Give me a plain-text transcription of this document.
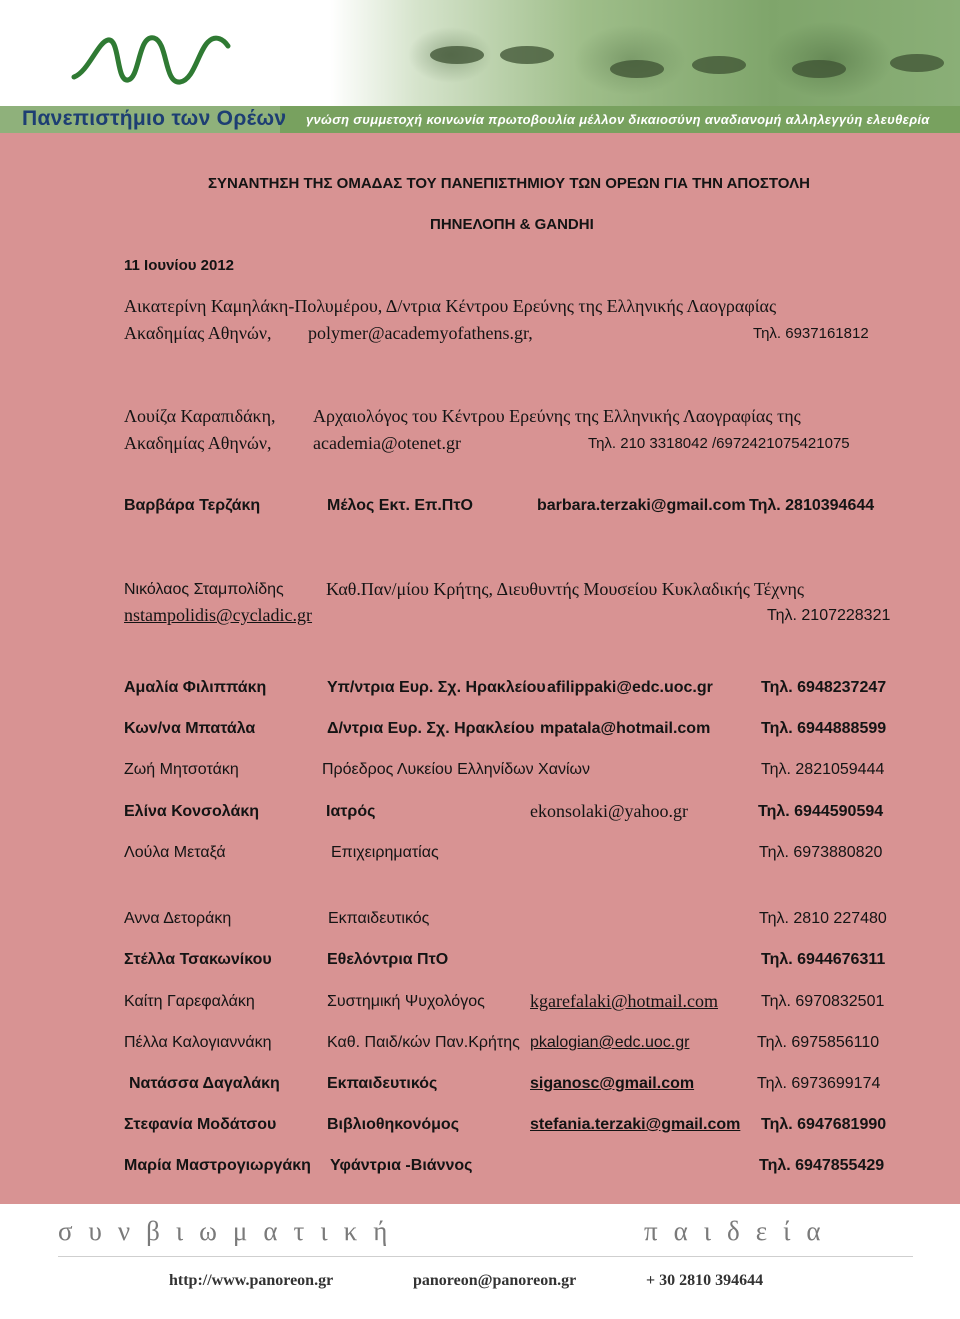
Πανεπιστήμιο των Ορέων γνώση συμμετοχή κοινωνία πρωτοβουλία μέλλον δικαιοσύνη αναδιανομή αλληλεγγύη ελευθερία
ΣΥΝΑΝΤΗΣΗ ΤΗΣ ΟΜΑΔΑΣ ΤΟΥ ΠΑΝΕΠΙΣΤΗΜΙΟΥ ΤΩΝ ΟΡΕΩΝ ΓΙΑ ΤΗΝ ΑΠΟΣΤΟΛΗ
ΠΗΝΕΛΟΠΗ & GANDHI
11 Ιουνίου 2012
Αικατερίνη Καμηλάκη-Πολυμέρου, Δ/ντρια Κέντρου Ερεύνης της Ελληνικής Λαογραφίας
Ακαδημίας Αθηνών, polymer@academyofathens.gr,	Τηλ. 6937161812
Λουίζα Καραπιδάκη, Αρχαιολόγος του Κέντρου Ερεύνης της Ελληνικής Λαογραφίας της
Ακαδημίας Αθηνών, academia@otenet.gr	Τηλ. 210 3318042 /6972421075421075
Βαρβάρα Τερζάκη	Μέλος Εκτ. Επ.ΠτΟ	barbara.terzaki@gmail.com Τηλ. 2810394644
Νικόλαος Σταμπολίδης Καθ.Παν/μίου Κρήτης, Διευθυντής Μουσείου Κυκλαδικής Τέχνης
nstampolidis@cycladic.gr	Τηλ. 2107228321
Αμαλία Φιλιππάκη	Υπ/ντρια Ευρ. Σχ. Ηρακλείου afilippaki@edc.uoc.gr	Τηλ. 6948237247
Κων/να Μπατάλα	Δ/ντρια Ευρ. Σχ. Ηρακλείου mpatala@hotmail.com	Τηλ. 6944888599
Ζωή Μητσοτάκη	Πρόεδρος Λυκείου Ελληνίδων Χανίων	Τηλ. 2821059444
Ελίνα Κονσολάκη	Ιατρός	ekonsolaki@yahoo.gr	Τηλ. 6944590594
Λούλα Μεταξά	Επιχειρηματίας	Τηλ. 6973880820
Αννα Δετοράκη	Εκπαιδευτικός	Τηλ. 2810 227480
Στέλλα Τσακωνίκου	Εθελόντρια ΠτΟ	Τηλ. 6944676311
Καίτη Γαρεφαλάκη	Συστημική Ψυχολόγος	kgarefalaki@hotmail.com	Τηλ. 6970832501
Πέλλα Καλογιαννάκη	Καθ. Παιδ/κών Παν.Κρήτης pkalogian@edc.uoc.gr	Τηλ. 6975856110
Νατάσσα Δαγαλάκη	Εκπαιδευτικός	siganosc@gmail.com	Τηλ. 6973699174
Στεφανία Μοδάτσου	Βιβλιοθηκονόμος	stefania.terzaki@gmail.com Τηλ. 6947681990
Μαρία Μαστρογιωργάκη Υφάντρια -Βιάννος	Τηλ. 6947855429
συνβιωματική	παιδεία
http://www.panoreon.gr	panoreon@panoreon.gr	+ 30 2810 394644
